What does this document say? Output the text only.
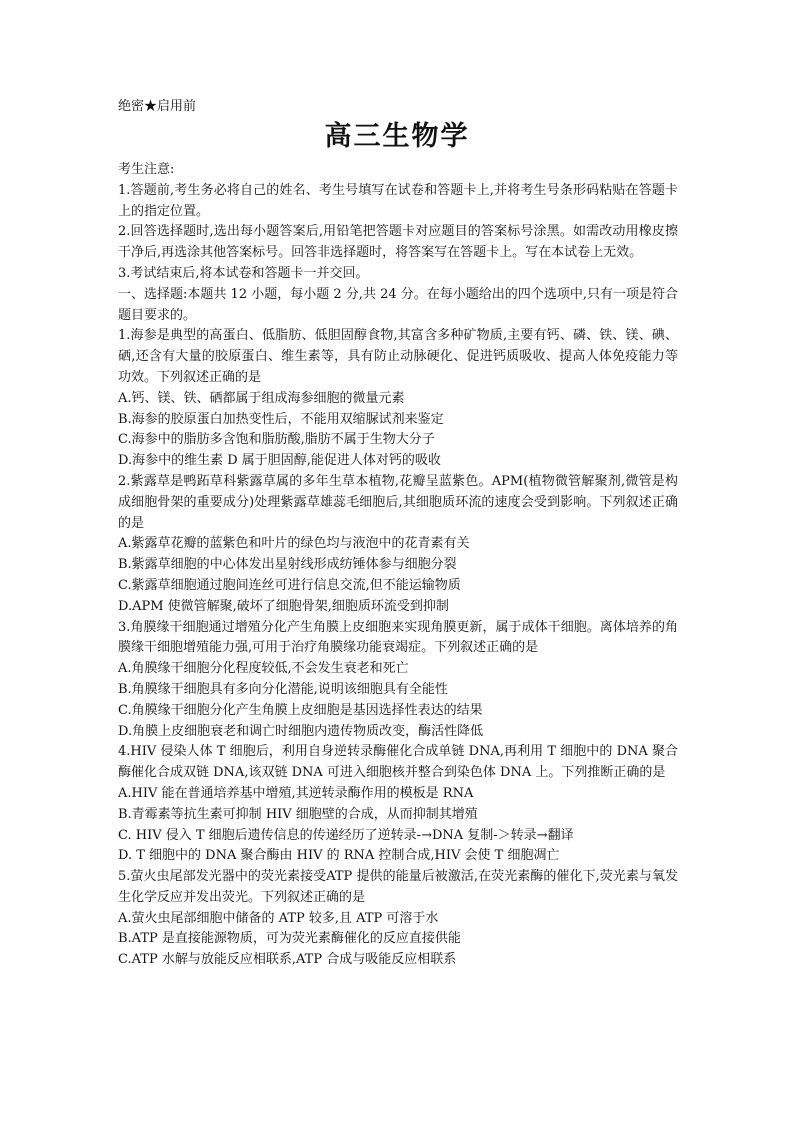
绝密★启用前
高三生物学

考生注意:

1.答题前,考生务必将自己的姓名、考生号填写在试卷和答题卡上,并将考生号条形码粘贴在答题卡上的指定位置。

2.回答选择题时,选出每小题答案后,用铅笔把答题卡对应题目的答案标号涂黑。如需改动用橡皮擦干净后,再选涂其他答案标号。回答非选择题时，将答案写在答题卡上。写在本试卷上无效。

3.考试结束后,将本试卷和答题卡一并交回。

一、选择题:本题共 12 小题，每小题 2 分,共 24 分。在每小题给出的四个选项中,只有一项是符合题目要求的。

1.海参是典型的高蛋白、低脂肪、低胆固醇食物,其富含多种矿物质,主要有钙、磷、铁、镁、碘、硒,还含有大量的胶原蛋白、维生素等，具有防止动脉硬化、促进钙质吸收、提高人体免疫能力等功效。下列叙述正确的是

A.钙、镁、铁、硒都属于组成海参细胞的微量元素

B.海参的胶原蛋白加热变性后，不能用双缩脲试剂来鉴定

C.海参中的脂肪多含饱和脂肪酸,脂肪不属于生物大分子

D.海参中的维生素 D 属于胆固醇,能促进人体对钙的吸收

2.紫露草是鸭跖草科紫露草属的多年生草本植物,花瓣呈蓝紫色。APM(植物微管解聚剂,微管是构成细胞骨架的重要成分)处理紫露草雄蕊毛细胞后,其细胞质环流的速度会受到影响。下列叙述正确的是

A.紫露草花瓣的蓝紫色和叶片的绿色均与液泡中的花青素有关

B.紫露草细胞的中心体发出星射线形成纺锤体参与细胞分裂

C.紫露草细胞通过胞间连丝可进行信息交流,但不能运输物质

D.APM 使微管解聚,破坏了细胞骨架,细胞质环流受到抑制

3.角膜缘干细胞通过增殖分化产生角膜上皮细胞来实现角膜更新，属于成体干细胞。离体培养的角膜缘干细胞增殖能力强,可用于治疗角膜缘功能衰竭症。下列叙述正确的是

A.角膜缘干细胞分化程度较低,不会发生衰老和死亡

B.角膜缘干细胞具有多向分化潜能,说明该细胞具有全能性

C.角膜缘干细胞分化产生角膜上皮细胞是基因选择性表达的结果

D.角膜上皮细胞衰老和调亡时细胞内遗传物质改变，酶活性降低

4.HIV 侵染人体 T 细胞后，利用自身逆转录酶催化合成单链 DNA,再利用 T 细胞中的 DNA 聚合酶催化合成双链 DNA,该双链 DNA 可进入细胞核并整合到染色体 DNA 上。下列推断正确的是

A.HIV 能在普通培养基中增殖,其逆转录酶作用的模板是 RNA

B.青霉素等抗生素可抑制 HIV 细胞壁的合成，从而抑制其增殖

C. HIV 侵入 T 细胞后遗传信息的传递经历了逆转录-→DNA 复制-＞转录→翻译

D. T 细胞中的 DNA 聚合酶由 HIV 的 RNA 控制合成,HIV 会使 T 细胞凋亡

5.萤火虫尾部发光器中的荧光素接受ATP 提供的能量后被激活,在荧光素酶的催化下,荧光素与氧发生化学反应并发出荧光。下列叙述正确的是

A.萤火虫尾部细胞中储备的 ATP 较多,且 ATP 可溶于水

B.ATP 是直接能源物质，可为荧光素酶催化的反应直接供能

C.ATP 水解与放能反应相联系,ATP 合成与吸能反应相联系
